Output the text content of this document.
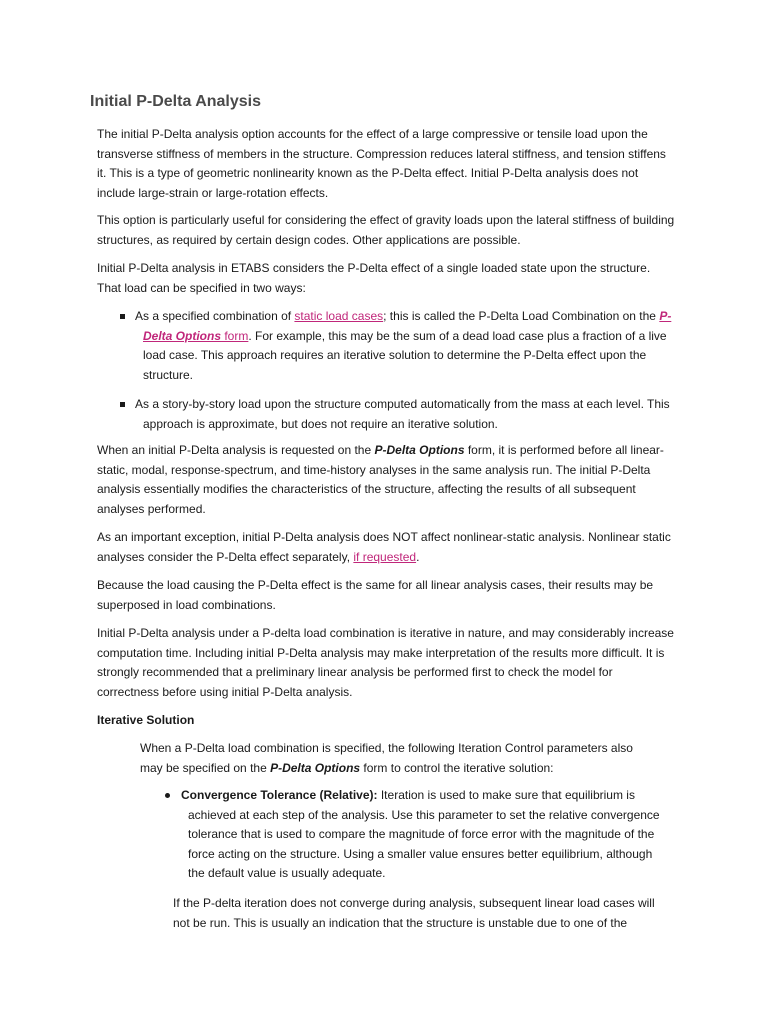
Initial P-Delta Analysis

The initial P-Delta analysis option accounts for the effect of a large compressive or tensile load upon the transverse stiffness of members in the structure. Compression reduces lateral stiffness, and tension stiffens it. This is a type of geometric nonlinearity known as the P-Delta effect. Initial P-Delta analysis does not include large-strain or large-rotation effects.

This option is particularly useful for considering the effect of gravity loads upon the lateral stiffness of building structures, as required by certain design codes. Other applications are possible.

Initial P-Delta analysis in ETABS considers the P-Delta effect of a single loaded state upon the structure. That load can be specified in two ways:

As a specified combination of static load cases; this is called the P-Delta Load Combination on the P-Delta Options form. For example, this may be the sum of a dead load case plus a fraction of a live load case. This approach requires an iterative solution to determine the P-Delta effect upon the structure.

As a story-by-story load upon the structure computed automatically from the mass at each level. This approach is approximate, but does not require an iterative solution.

When an initial P-Delta analysis is requested on the P-Delta Options form, it is performed before all linear-static, modal, response-spectrum, and time-history analyses in the same analysis run. The initial P-Delta analysis essentially modifies the characteristics of the structure, affecting the results of all subsequent analyses performed.

As an important exception, initial P-Delta analysis does NOT affect nonlinear-static analysis. Nonlinear static analyses consider the P-Delta effect separately, if requested.

Because the load causing the P-Delta effect is the same for all linear analysis cases, their results may be superposed in load combinations.

Initial P-Delta analysis under a P-delta load combination is iterative in nature, and may considerably increase computation time. Including initial P-Delta analysis may make interpretation of the results more difficult. It is strongly recommended that a preliminary linear analysis be performed first to check the model for correctness before using initial P-Delta analysis.

Iterative Solution

When a P-Delta load combination is specified, the following Iteration Control parameters also may be specified on the P-Delta Options form to control the iterative solution:

Convergence Tolerance (Relative): Iteration is used to make sure that equilibrium is achieved at each step of the analysis. Use this parameter to set the relative convergence tolerance that is used to compare the magnitude of force error with the magnitude of the force acting on the structure. Using a smaller value ensures better equilibrium, although the default value is usually adequate.

If the P-delta iteration does not converge during analysis, subsequent linear load cases will not be run. This is usually an indication that the structure is unstable due to one of the
